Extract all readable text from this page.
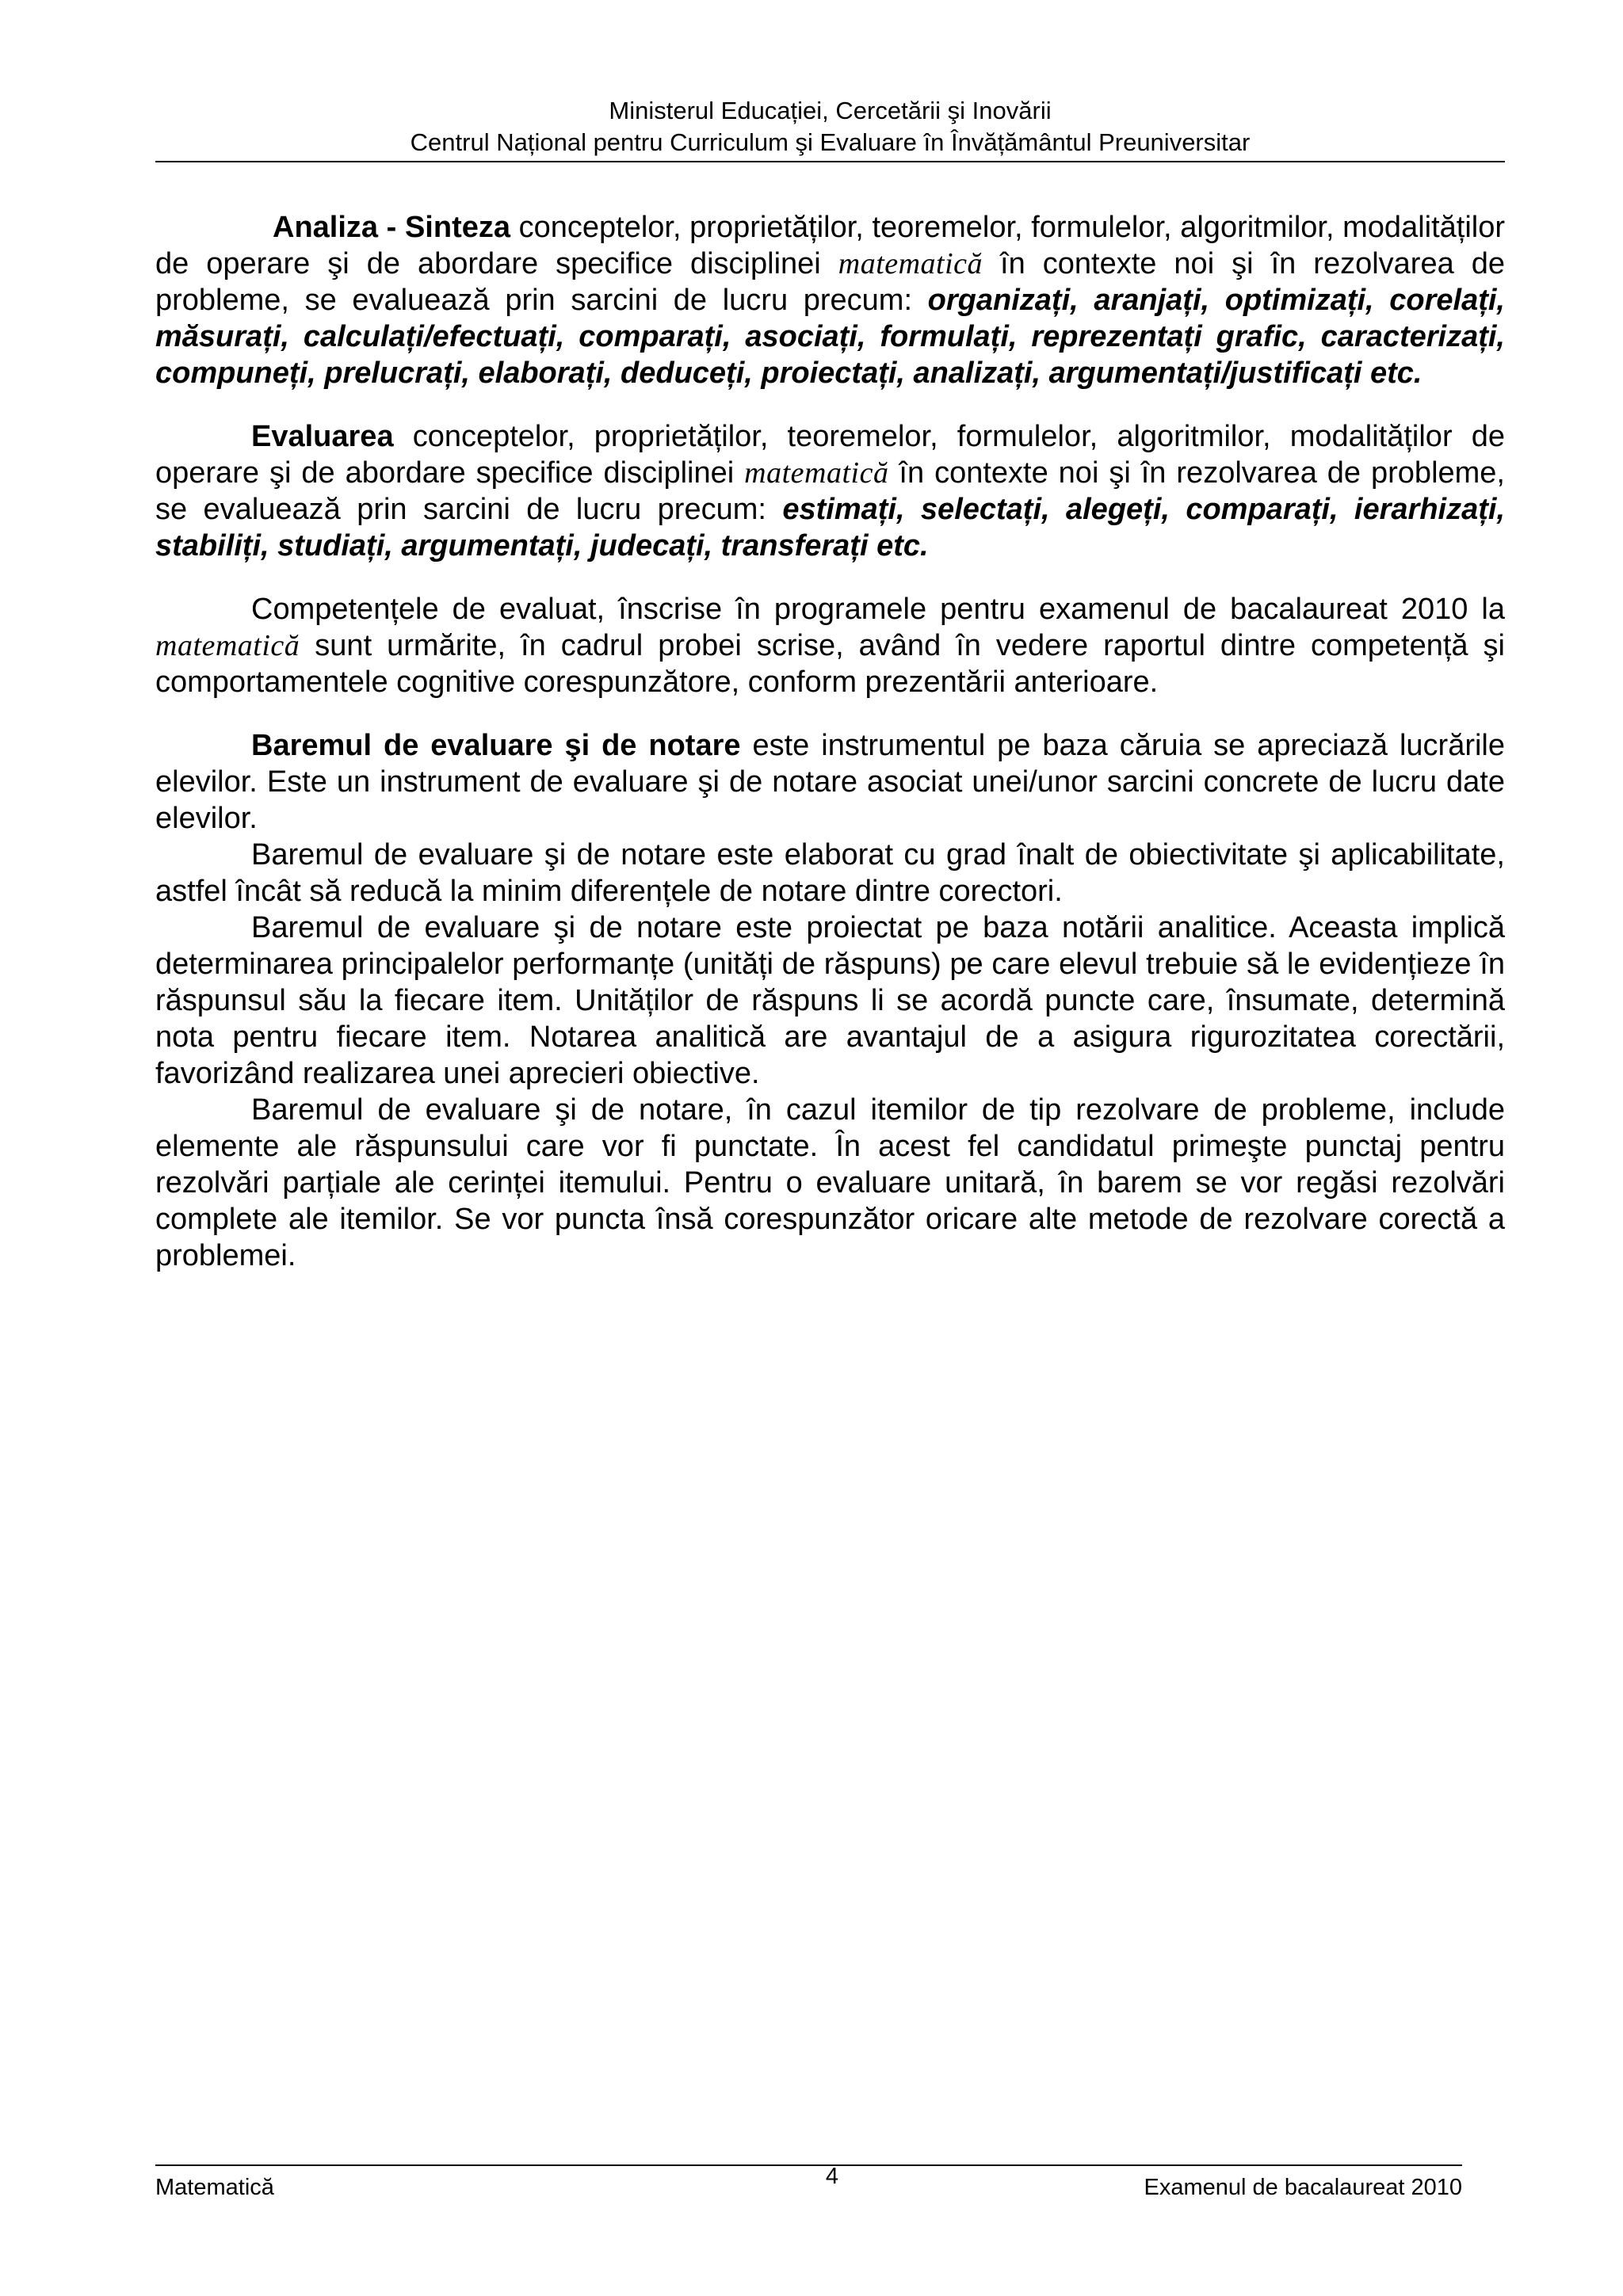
Ministerul Educației, Cercetării şi Inovării
Centrul Național pentru Curriculum şi Evaluare în Învățământul Preuniversitar

Analiza - Sinteza conceptelor, proprietăților, teoremelor, formulelor, algoritmilor, modalităților de operare şi de abordare specifice disciplinei matematică în contexte noi şi în rezolvarea de probleme, se evaluează prin sarcini de lucru precum: organizați, aranjați, optimizați, corelați, măsurați, calculați/efectuați, comparați, asociați, formulați, reprezentați grafic, caracterizați, compuneți, prelucrați, elaborați, deduceți, proiectați, analizați, argumentați/justificați etc.

Evaluarea conceptelor, proprietăților, teoremelor, formulelor, algoritmilor, modalităților de operare şi de abordare specifice disciplinei matematică în contexte noi şi în rezolvarea de probleme, se evaluează prin sarcini de lucru precum: estimați, selectați, alegeți, comparați, ierarhizați, stabiliți, studiați, argumentați, judecați, transferați etc.

Competențele de evaluat, înscrise în programele pentru examenul de bacalaureat 2010 la matematică sunt urmărite, în cadrul probei scrise, având în vedere raportul dintre competență şi comportamentele cognitive corespunzătore, conform prezentării anterioare.

Baremul de evaluare şi de notare este instrumentul pe baza căruia se apreciază lucrările elevilor. Este un instrument de evaluare şi de notare asociat unei/unor sarcini concrete de lucru date elevilor.

Baremul de evaluare şi de notare este elaborat cu grad înalt de obiectivitate şi aplicabilitate, astfel încât să reducă la minim diferențele de notare dintre corectori.

Baremul de evaluare şi de notare este proiectat pe baza notării analitice. Aceasta implică determinarea principalelor performanțe (unități de răspuns) pe care elevul trebuie să le evidențieze în răspunsul său la fiecare item. Unităților de răspuns li se acordă puncte care, însumate, determină nota pentru fiecare item. Notarea analitică are avantajul de a asigura rigurozitatea corectării, favorizând realizarea unei aprecieri obiective.

Baremul de evaluare şi de notare, în cazul itemilor de tip rezolvare de probleme, include elemente ale răspunsului care vor fi punctate. În acest fel candidatul primeşte punctaj pentru rezolvări parțiale ale cerinței itemului. Pentru o evaluare unitară, în barem se vor regăsi rezolvări complete ale itemilor. Se vor puncta însă corespunzător oricare alte metode de rezolvare corectă a problemei.

Matematică	4	Examenul de bacalaureat 2010
